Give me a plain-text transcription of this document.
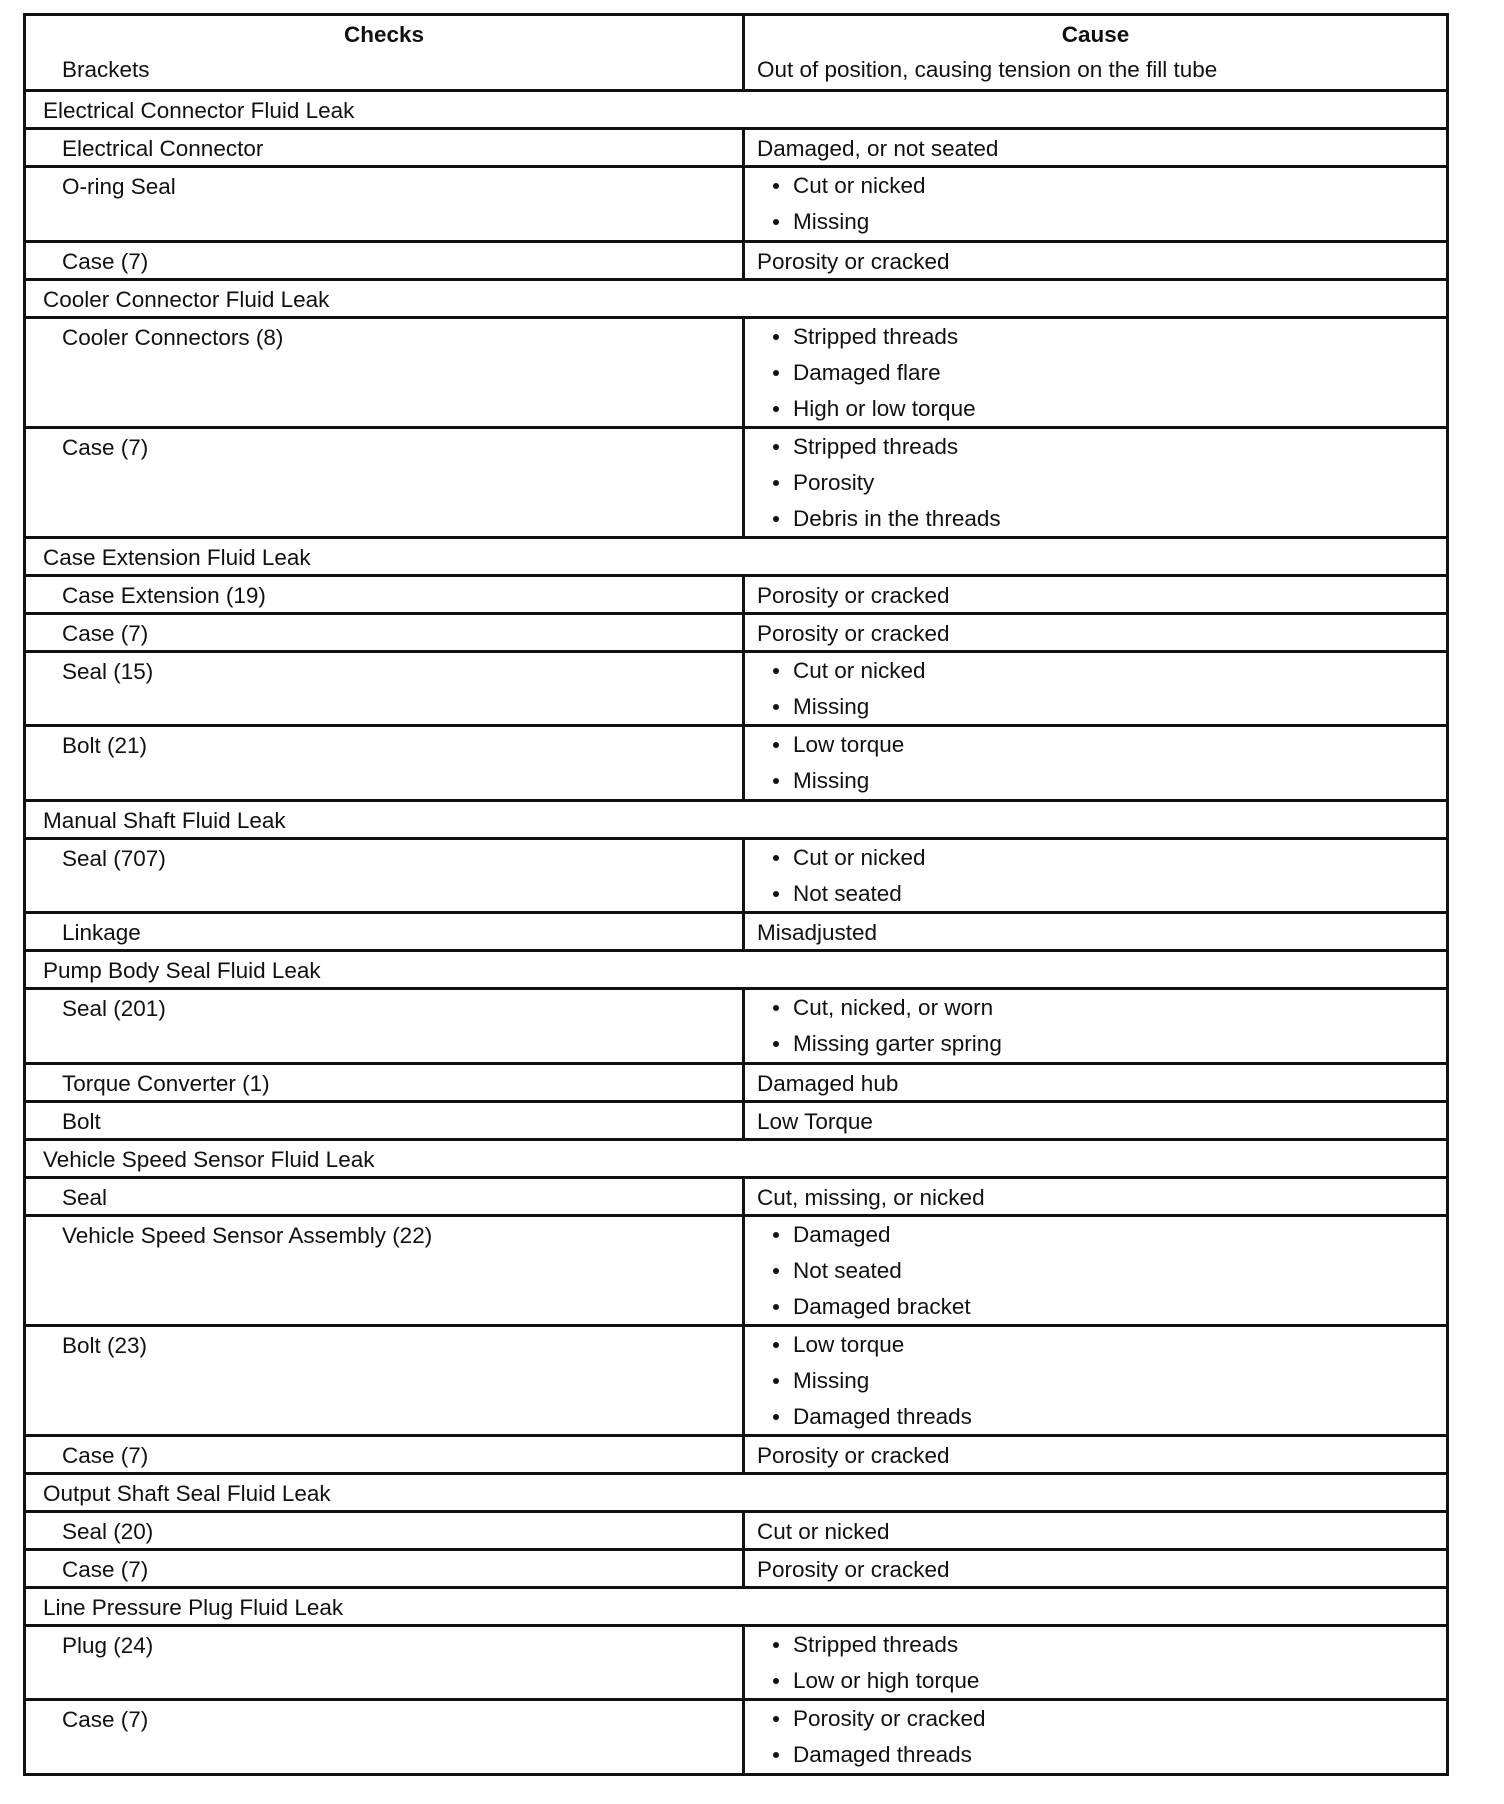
Checks	Cause
Brackets	Out of position, causing tension on the fill tube
Electrical Connector Fluid Leak
Electrical Connector	Damaged, or not seated
O-ring Seal	Cut or nicked
Missing
Case (7)	Porosity or cracked
Cooler Connector Fluid Leak
Cooler Connectors (8)	Stripped threads
Damaged flare
High or low torque
Case (7)	Stripped threads
Porosity
Debris in the threads
Case Extension Fluid Leak
Case Extension (19)	Porosity or cracked
Case (7)	Porosity or cracked
Seal (15)	Cut or nicked
Missing
Bolt (21)	Low torque
Missing
Manual Shaft Fluid Leak
Seal (707)	Cut or nicked
Not seated
Linkage	Misadjusted
Pump Body Seal Fluid Leak
Seal (201)	Cut, nicked, or worn
Missing garter spring
Torque Converter (1)	Damaged hub
Bolt	Low Torque
Vehicle Speed Sensor Fluid Leak
Seal	Cut, missing, or nicked
Vehicle Speed Sensor Assembly (22)	Damaged
Not seated
Damaged bracket
Bolt (23)	Low torque
Missing
Damaged threads
Case (7)	Porosity or cracked
Output Shaft Seal Fluid Leak
Seal (20)	Cut or nicked
Case (7)	Porosity or cracked
Line Pressure Plug Fluid Leak
Plug (24)	Stripped threads
Low or high torque
Case (7)	Porosity or cracked
Damaged threads
